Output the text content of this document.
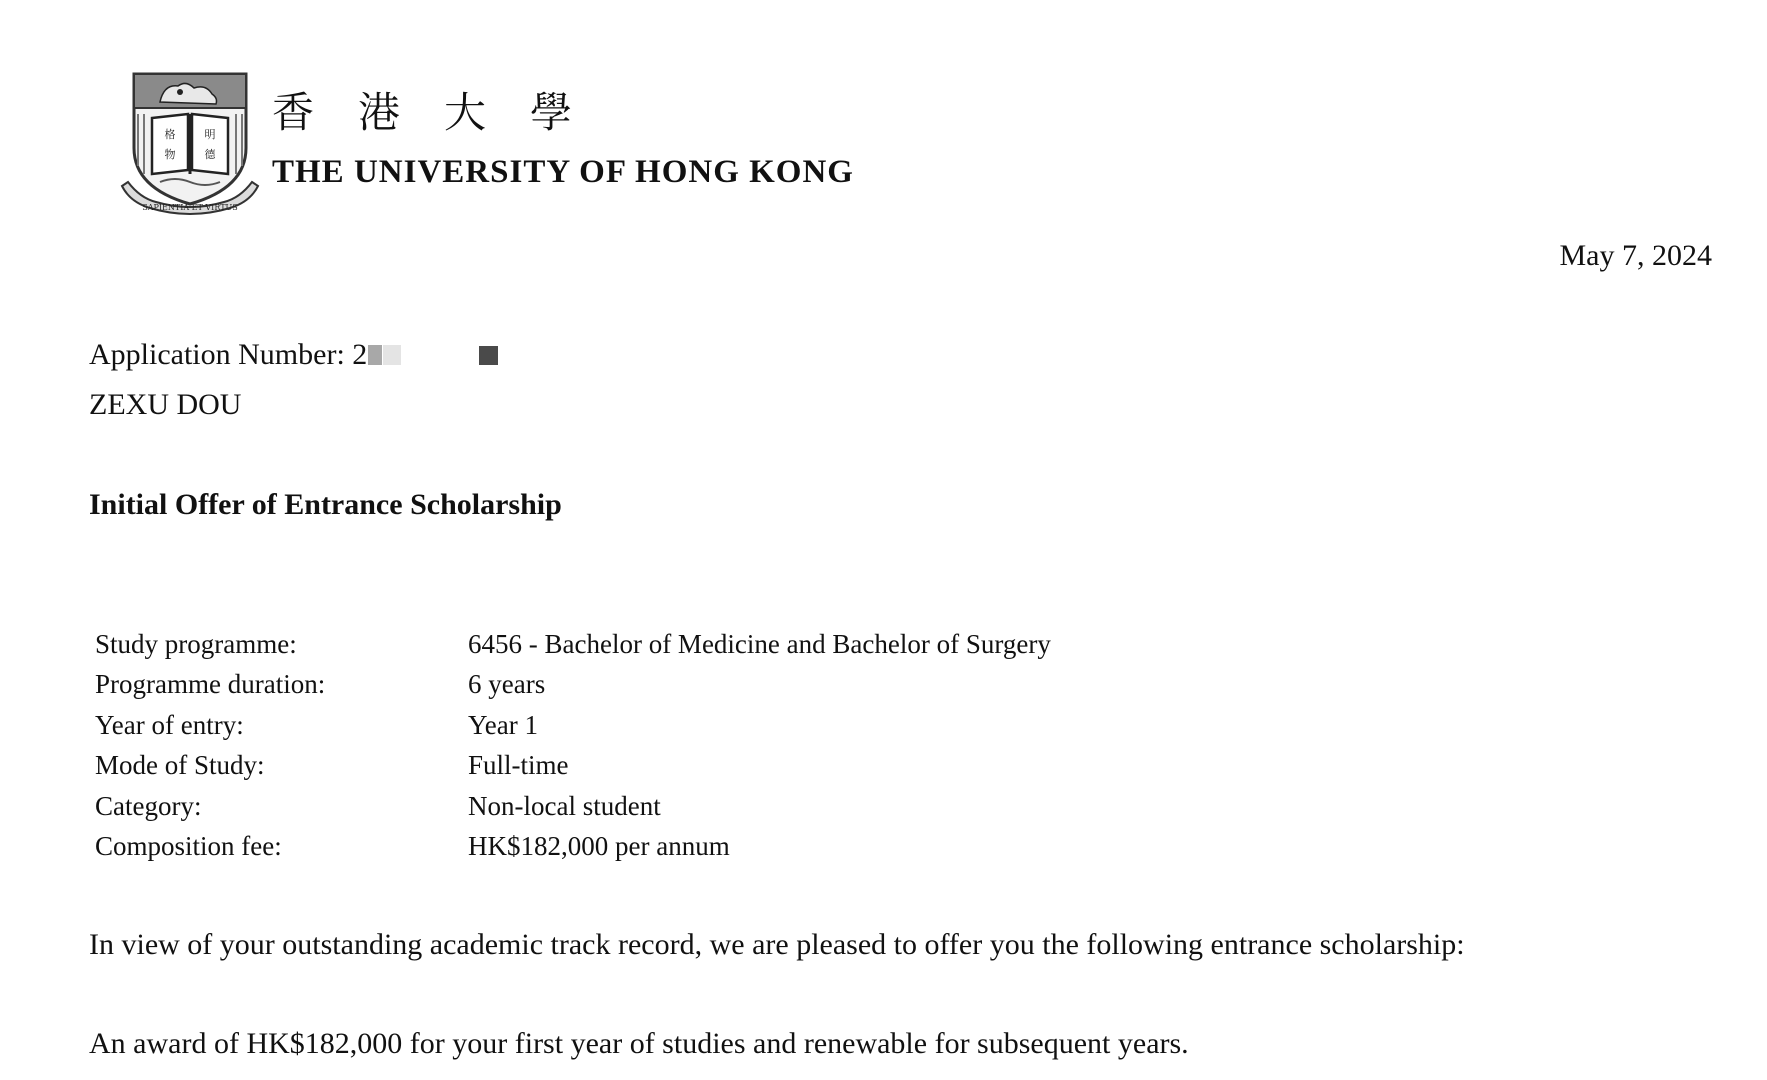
格
物
明
德
SAPIENTIA ET VIRTUS
香港大學
THE UNIVERSITY OF HONG KONG
May 7, 2024
Application Number: 2
ZEXU DOU
Initial Offer of Entrance Scholarship
Study programme:	6456 - Bachelor of Medicine and Bachelor of Surgery
Programme duration:	6 years
Year of entry:	Year 1
Mode of Study:	Full-time
Category:	Non-local student
Composition fee:	HK$182,000 per annum
In view of your outstanding academic track record, we are pleased to offer you the following entrance scholarship:
An award of HK$182,000 for your first year of studies and renewable for subsequent years.
